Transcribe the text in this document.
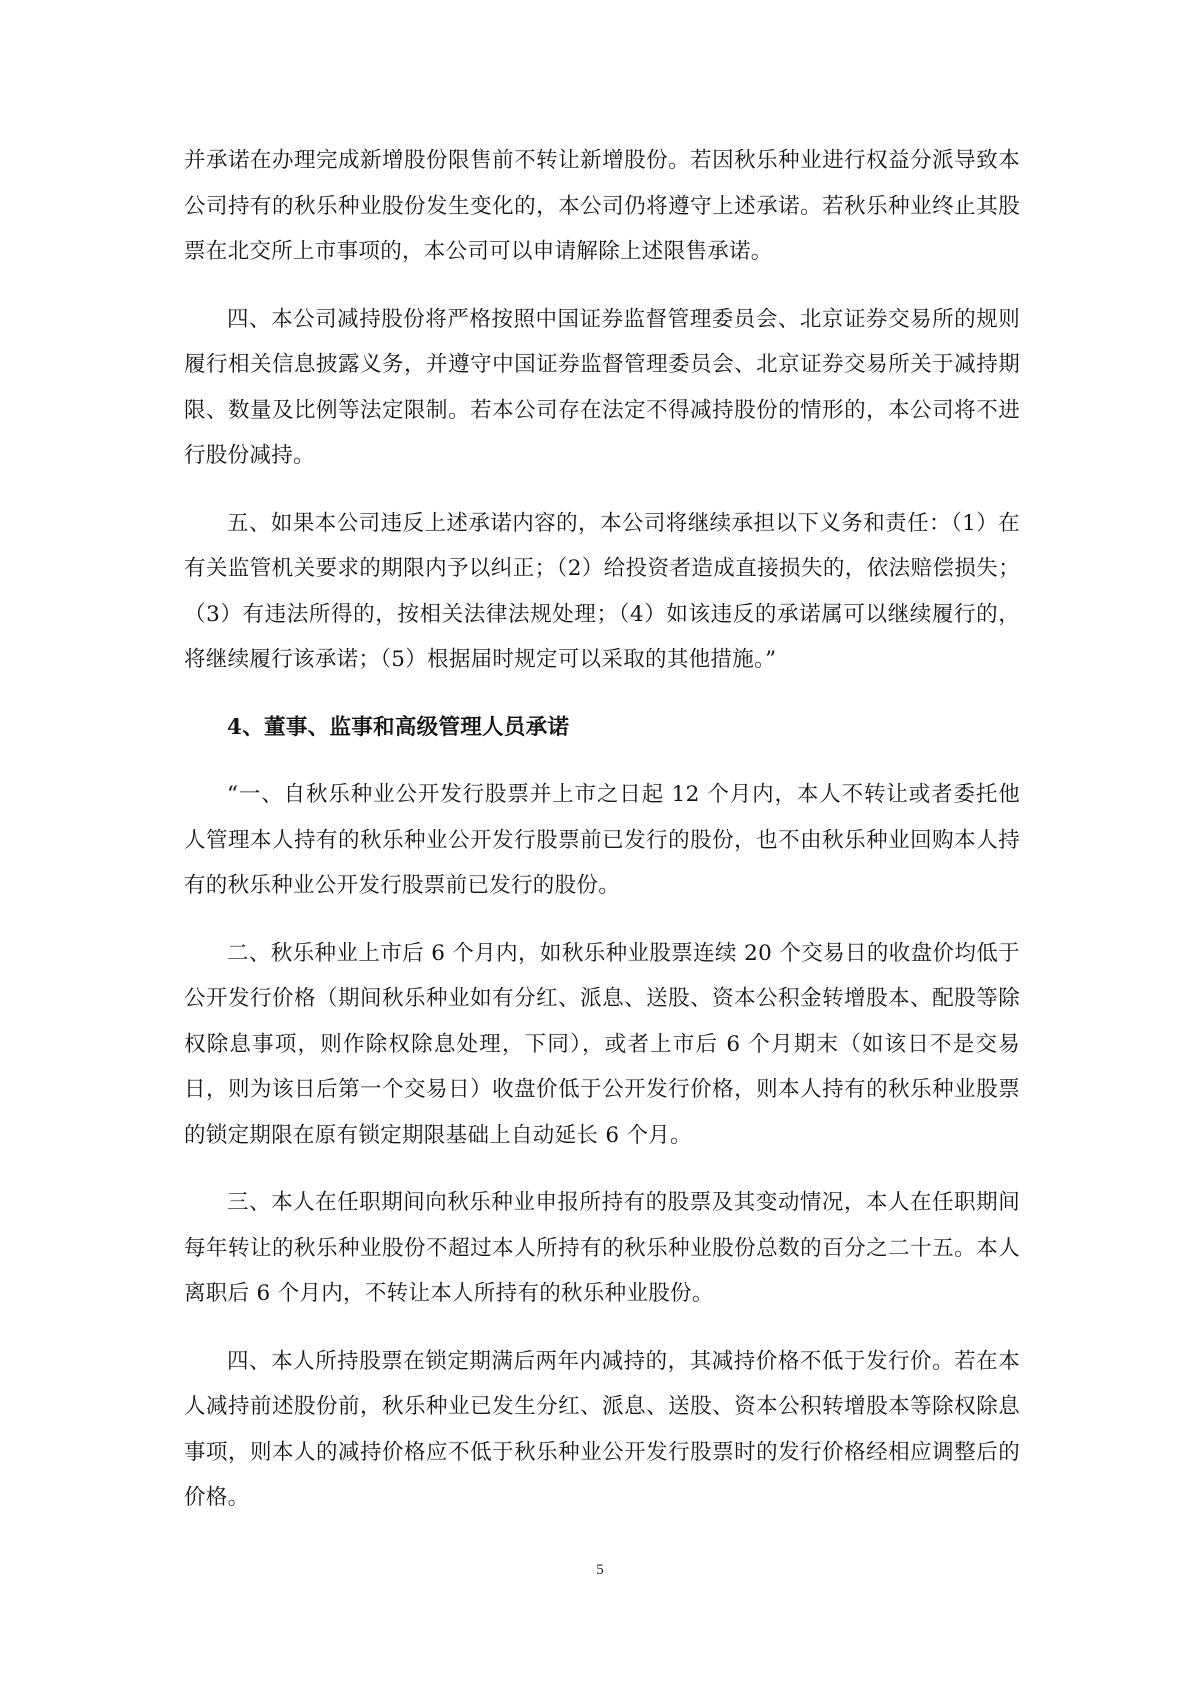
并承诺在办理完成新增股份限售前不转让新增股份。若因秋乐种业进行权益分派导致本公司持有的秋乐种业股份发生变化的，本公司仍将遵守上述承诺。若秋乐种业终止其股票在北交所上市事项的，本公司可以申请解除上述限售承诺。

四、本公司减持股份将严格按照中国证券监督管理委员会、北京证券交易所的规则履行相关信息披露义务，并遵守中国证券监督管理委员会、北京证券交易所关于减持期限、数量及比例等法定限制。若本公司存在法定不得减持股份的情形的，本公司将不进行股份减持。

五、如果本公司违反上述承诺内容的，本公司将继续承担以下义务和责任：（1）在有关监管机关要求的期限内予以纠正；（2）给投资者造成直接损失的，依法赔偿损失；（3）有违法所得的，按相关法律法规处理；（4）如该违反的承诺属可以继续履行的，将继续履行该承诺；（5）根据届时规定可以采取的其他措施。”

4、董事、监事和高级管理人员承诺

“一、自秋乐种业公开发行股票并上市之日起 12 个月内，本人不转让或者委托他人管理本人持有的秋乐种业公开发行股票前已发行的股份，也不由秋乐种业回购本人持有的秋乐种业公开发行股票前已发行的股份。

二、秋乐种业上市后 6 个月内，如秋乐种业股票连续 20 个交易日的收盘价均低于公开发行价格（期间秋乐种业如有分红、派息、送股、资本公积金转增股本、配股等除权除息事项，则作除权除息处理，下同），或者上市后 6 个月期末（如该日不是交易日，则为该日后第一个交易日）收盘价低于公开发行价格，则本人持有的秋乐种业股票的锁定期限在原有锁定期限基础上自动延长 6 个月。

三、本人在任职期间向秋乐种业申报所持有的股票及其变动情况，本人在任职期间每年转让的秋乐种业股份不超过本人所持有的秋乐种业股份总数的百分之二十五。本人离职后 6 个月内，不转让本人所持有的秋乐种业股份。

四、本人所持股票在锁定期满后两年内减持的，其减持价格不低于发行价。若在本人减持前述股份前，秋乐种业已发生分红、派息、送股、资本公积转增股本等除权除息事项，则本人的减持价格应不低于秋乐种业公开发行股票时的发行价格经相应调整后的价格。

5
